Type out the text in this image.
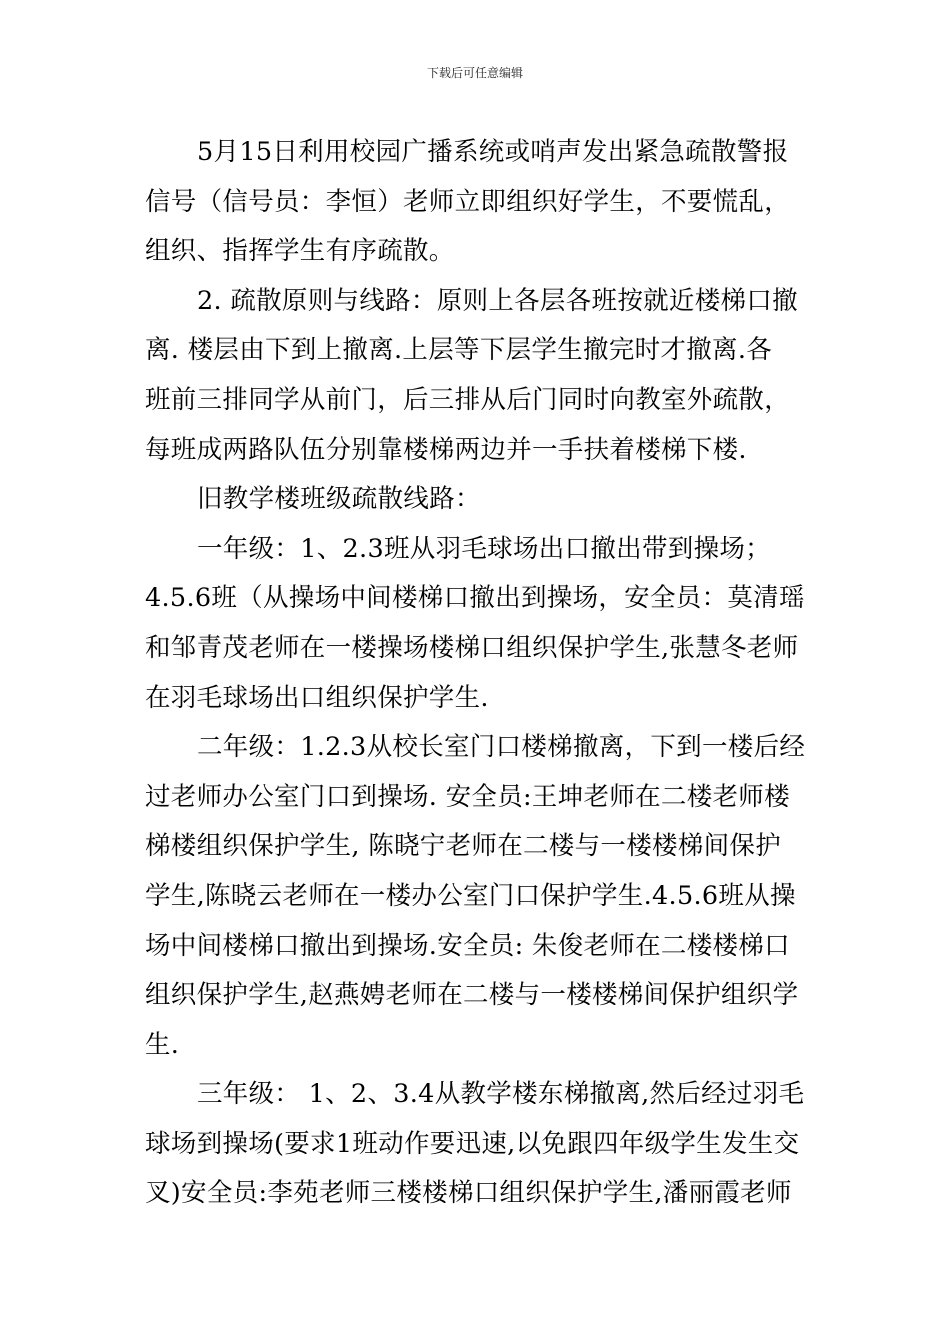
下载后可任意编辑
5月15日利用校园广播系统或哨声发出紧急疏散警报
信号（信号员：李恒）老师立即组织好学生，不要慌乱，
组织、指挥学生有序疏散。
2. 疏散原则与线路：原则上各层各班按就近楼梯口撤
离. 楼层由下到上撤离.上层等下层学生撤完时才撤离.各
班前三排同学从前门，后三排从后门同时向教室外疏散，
每班成两路队伍分别靠楼梯两边并一手扶着楼梯下楼.
旧教学楼班级疏散线路：
一年级：1、2.3班从羽毛球场出口撤出带到操场；
4.5.6班（从操场中间楼梯口撤出到操场，安全员：莫清瑶
和邹青茂老师在一楼操场楼梯口组织保护学生,张慧冬老师
在羽毛球场出口组织保护学生.
二年级：1.2.3从校长室门口楼梯撤离，下到一楼后经
过老师办公室门口到操场. 安全员:王坤老师在二楼老师楼
梯楼组织保护学生, 陈晓宁老师在二楼与一楼楼梯间保护
学生,陈晓云老师在一楼办公室门口保护学生.4.5.6班从操
场中间楼梯口撤出到操场.安全员: 朱俊老师在二楼楼梯口
组织保护学生,赵燕娉老师在二楼与一楼楼梯间保护组织学
生.
三年级： 1、2、3.4从教学楼东梯撤离,然后经过羽毛
球场到操场(要求1班动作要迅速,以免跟四年级学生发生交
叉)安全员:李苑老师三楼楼梯口组织保护学生,潘丽霞老师
